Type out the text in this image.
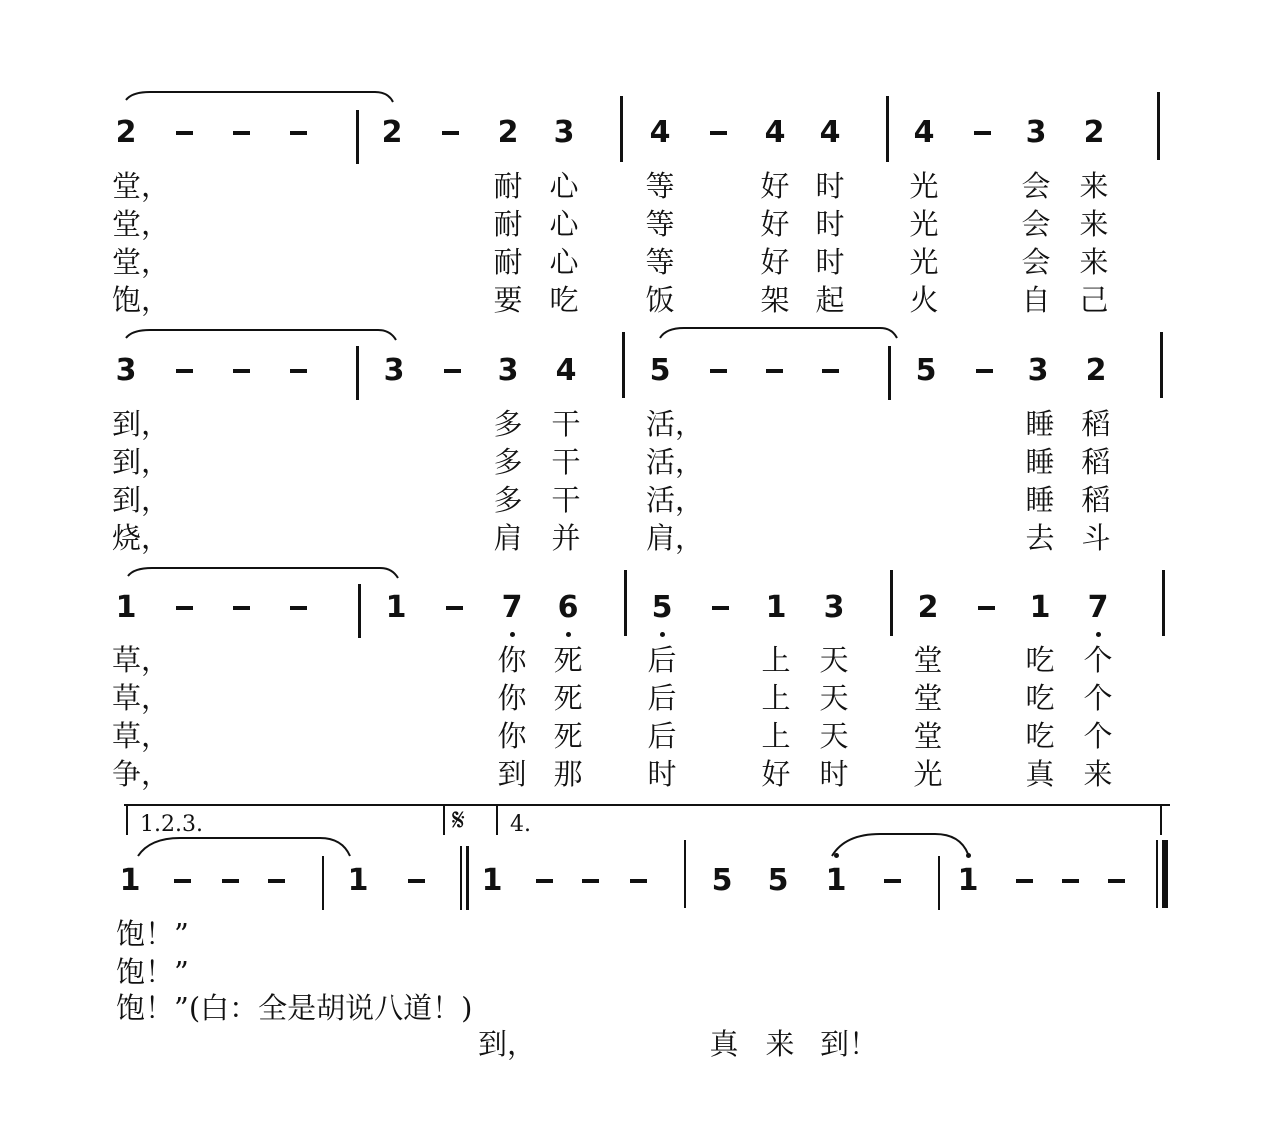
2	2	2 3	4	4 4 4	3 2
堂，	耐 心 等	好 时 光	会 来
堂，	耐 心 等	好 时 光	会 来
堂，	耐 心 等	好 时 光	会 来
饱，	要 吃 饭	架 起 火	自 己
3	3	3 4 5	5	3 2
到，	多 干 活，	睡 稻
到，	多 干 活，	睡 稻
到，	多 干 活，	睡 稻
烧，	肩 并 肩，	去 斗
1	1	7 6 5	1 3 2	1 7
草，	你 死 后	上 天 堂	吃 个
草，	你 死 后	上 天 堂	吃 个
草，	你 死 后	上 天 堂	吃 个
争，	到 那 时	好 时 光	真 来
1.2.3.	𝄋 4.
1	1	1	5 5 1	1
饱！”
饱！”
饱！”(白：全是胡说八道！)
到，	真 来 到！
